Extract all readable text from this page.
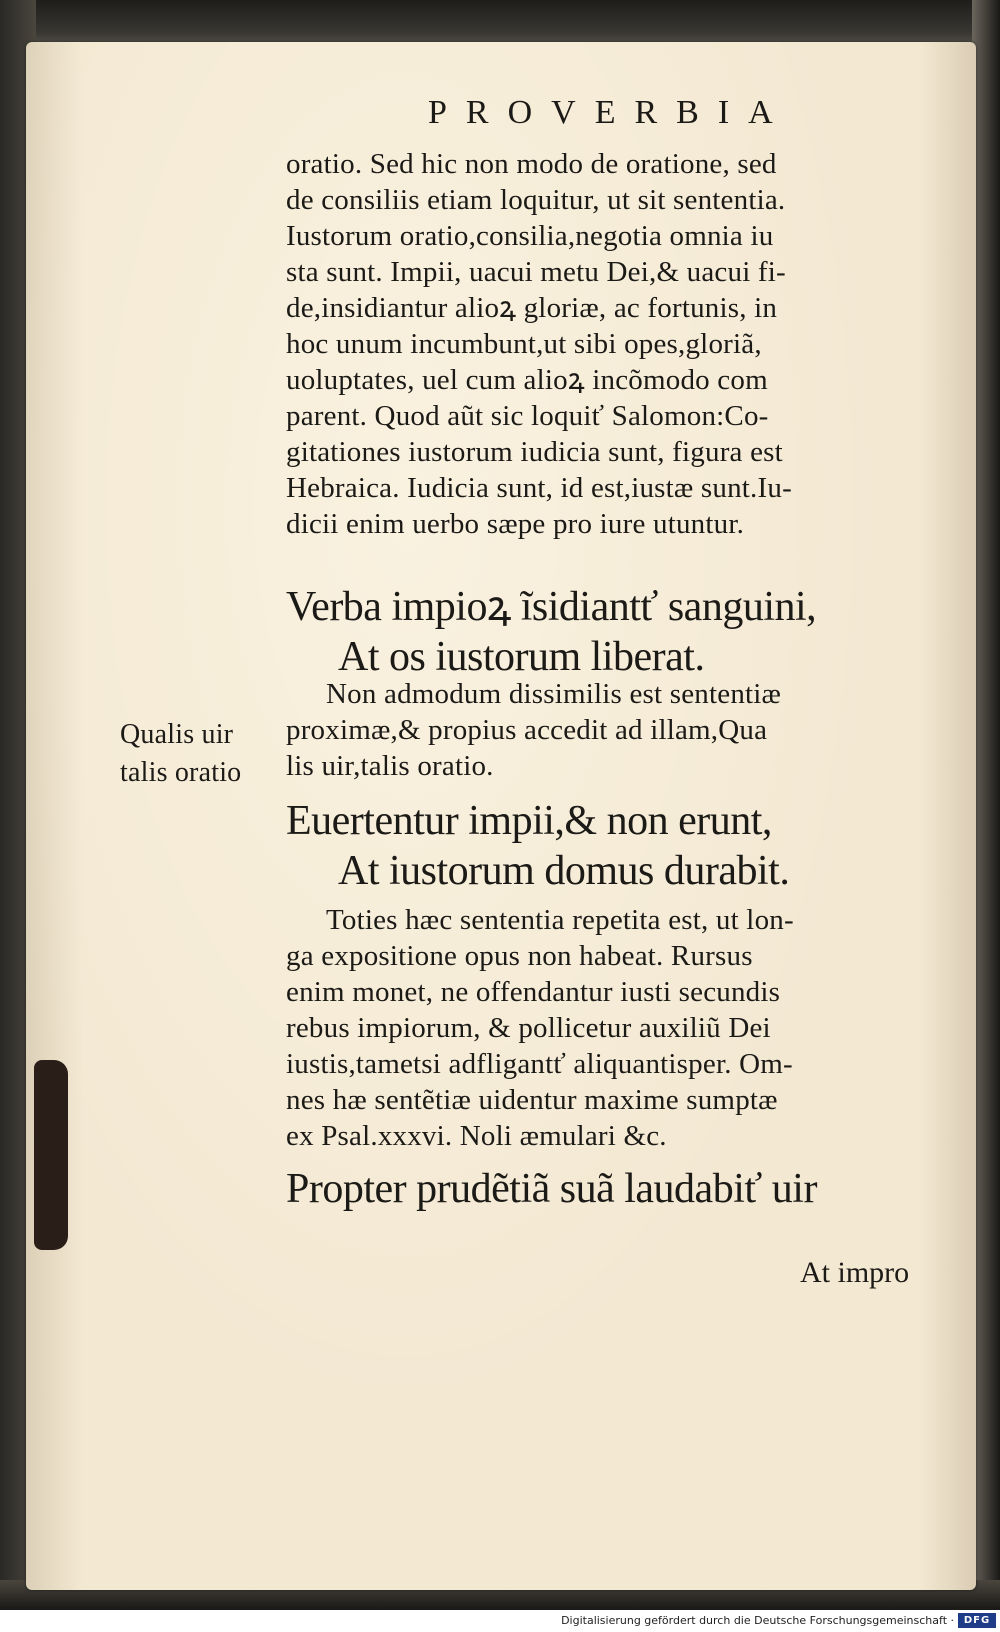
PROVERBIA
oratio. Sed hic non modo de oratione, sed
de consiliis etiam loquitur, ut sit sententia.
Iustorum oratio,consilia,negotia omnia iu
sta sunt. Impii, uacui metu Dei,& uacui fi-
de,insidiantur alioꝝ gloriæ, ac fortunis, in
hoc unum incumbunt,ut sibi opes,gloriã,
uoluptates, uel cum alioꝝ incõmodo com
parent. Quod aũt sic loquiť Salomon:Co-
gitationes iustorum iudicia sunt, figura est
Hebraica. Iudicia sunt, id est,iustæ sunt.Iu-
dicii enim uerbo sæpe pro iure utuntur.
Verba impioꝝ ĩsidiantť sanguini,
At os iustorum liberat.
Non admodum dissimilis est sententiæ
proximæ,& propius accedit ad illam,Qua
lis uir,talis oratio.
Qualis uir
talis oratio
Euertentur impii,& non erunt,
At iustorum domus durabit.
Toties hæc sententia repetita est, ut lon-
ga expositione opus non habeat. Rursus
enim monet, ne offendantur iusti secundis
rebus impiorum, & pollicetur auxiliũ Dei
iustis,tametsi adfligantť aliquantisper. Om-
nes hæ sentẽtiæ uidentur maxime sumptæ
ex Psal.xxxvi. Noli æmulari &c.
Propter prudẽtiã suã laudabiť uir
At impro
Digitalisierung gefördert durch die Deutsche Forschungsgemeinschaft · DFG
